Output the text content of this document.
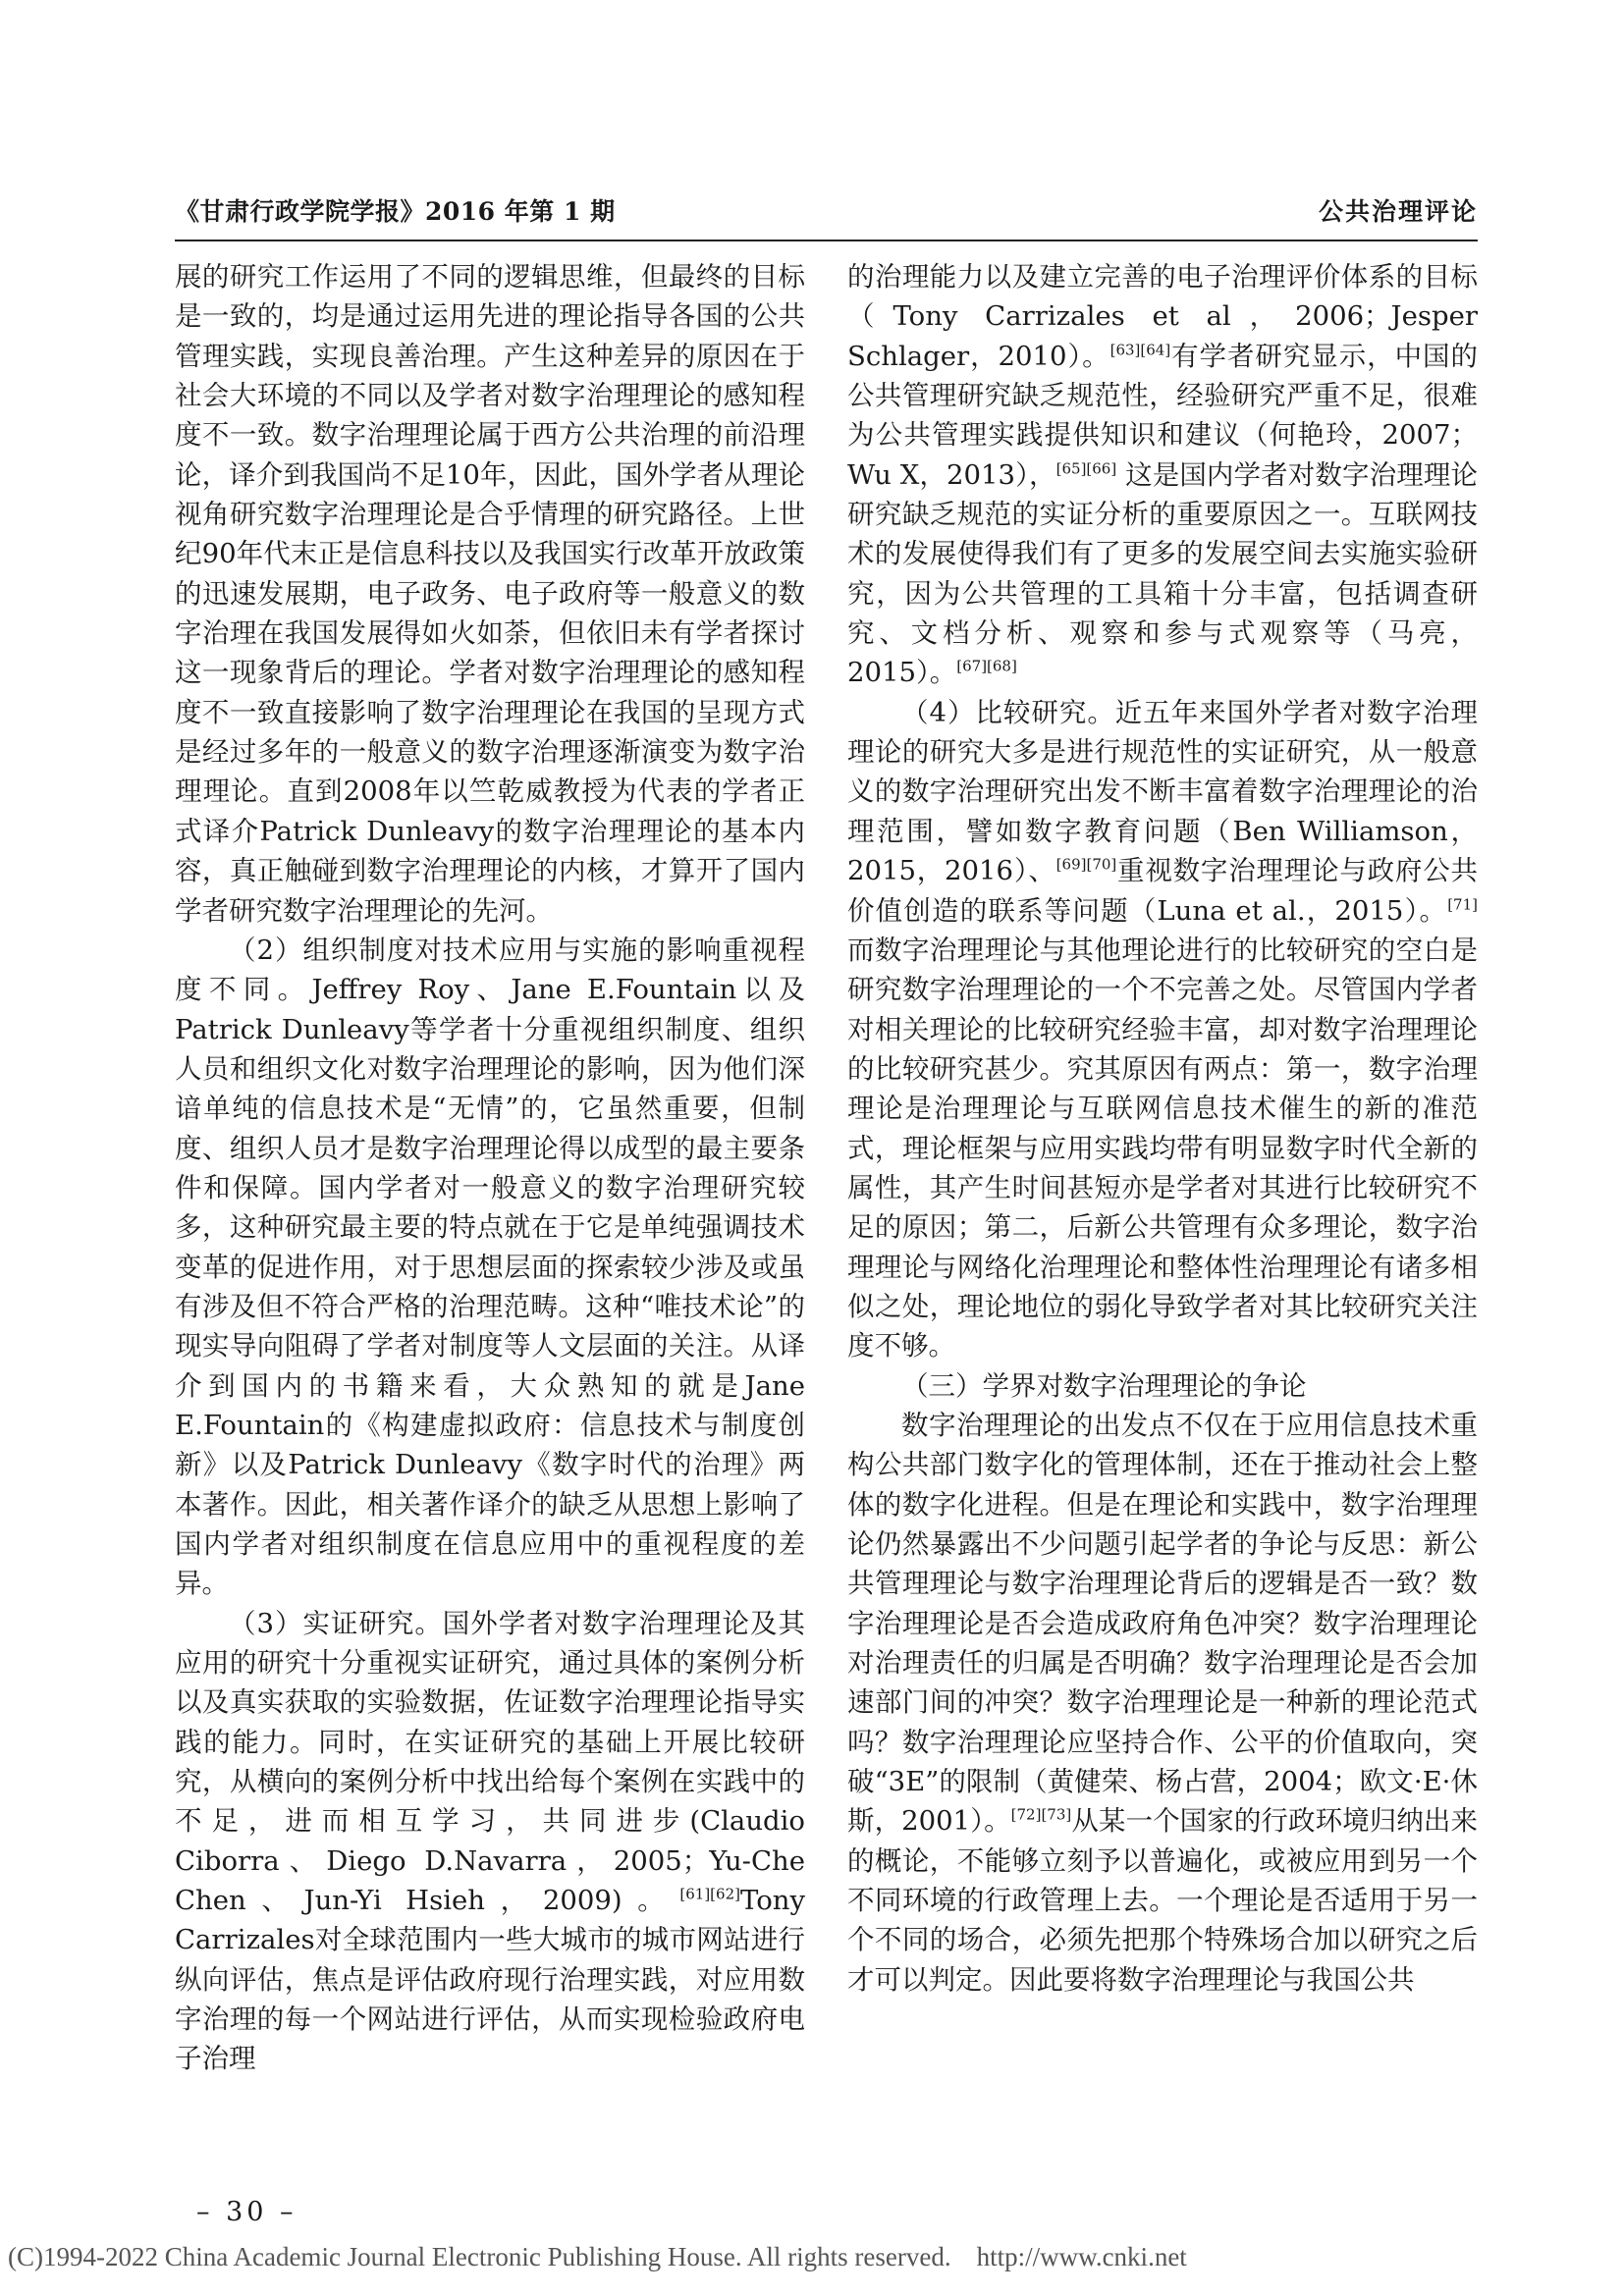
《甘肃行政学院学报》2016 年第 1 期	公共治理评论

展的研究工作运用了不同的逻辑思维，但最终的目标是一致的，均是通过运用先进的理论指导各国的公共管理实践，实现良善治理。产生这种差异的原因在于社会大环境的不同以及学者对数字治理理论的感知程度不一致。数字治理理论属于西方公共治理的前沿理论，译介到我国尚不足10年，因此，国外学者从理论视角研究数字治理理论是合乎情理的研究路径。上世纪90年代末正是信息科技以及我国实行改革开放政策的迅速发展期，电子政务、电子政府等一般意义的数字治理在我国发展得如火如荼，但依旧未有学者探讨这一现象背后的理论。学者对数字治理理论的感知程度不一致直接影响了数字治理理论在我国的呈现方式是经过多年的一般意义的数字治理逐渐演变为数字治理理论。直到2008年以竺乾威教授为代表的学者正式译介Patrick Dunleavy的数字治理理论的基本内容，真正触碰到数字治理理论的内核，才算开了国内学者研究数字治理理论的先河。

（2）组织制度对技术应用与实施的影响重视程度不同。Jeffrey Roy、Jane E.Fountain以及Patrick Dunleavy等学者十分重视组织制度、组织人员和组织文化对数字治理理论的影响，因为他们深谙单纯的信息技术是“无情”的，它虽然重要，但制度、组织人员才是数字治理理论得以成型的最主要条件和保障。国内学者对一般意义的数字治理研究较多，这种研究最主要的特点就在于它是单纯强调技术变革的促进作用，对于思想层面的探索较少涉及或虽有涉及但不符合严格的治理范畴。这种“唯技术论”的现实导向阻碍了学者对制度等人文层面的关注。从译介到国内的书籍来看，大众熟知的就是Jane E.Fountain的《构建虚拟政府：信息技术与制度创新》以及Patrick Dunleavy《数字时代的治理》两本著作。因此，相关著作译介的缺乏从思想上影响了国内学者对组织制度在信息应用中的重视程度的差异。

（3）实证研究。国外学者对数字治理理论及其应用的研究十分重视实证研究，通过具体的案例分析以及真实获取的实验数据，佐证数字治理理论指导实践的能力。同时，在实证研究的基础上开展比较研究，从横向的案例分析中找出给每个案例在实践中的不足，进而相互学习，共同进步(Claudio Ciborra、Diego D.Navarra，2005；Yu-Che Chen、Jun-Yi Hsieh，2009)。[61][62]Tony Carrizales对全球范围内一些大城市的城市网站进行纵向评估，焦点是评估政府现行治理实践，对应用数字治理的每一个网站进行评估，从而实现检验政府电子治理

的治理能力以及建立完善的电子治理评价体系的目标（Tony Carrizales et al，2006；Jesper Schlager，2010）。[63][64]有学者研究显示，中国的公共管理研究缺乏规范性，经验研究严重不足，很难为公共管理实践提供知识和建议（何艳玲，2007；Wu X，2013），[65][66] 这是国内学者对数字治理理论研究缺乏规范的实证分析的重要原因之一。互联网技术的发展使得我们有了更多的发展空间去实施实验研究，因为公共管理的工具箱十分丰富，包括调查研究、文档分析、观察和参与式观察等（马亮，2015）。[67][68]

（4）比较研究。近五年来国外学者对数字治理理论的研究大多是进行规范性的实证研究，从一般意义的数字治理研究出发不断丰富着数字治理理论的治理范围，譬如数字教育问题（Ben Williamson，2015，2016）、[69][70]重视数字治理理论与政府公共价值创造的联系等问题（Luna et al.，2015）。[71]而数字治理理论与其他理论进行的比较研究的空白是研究数字治理理论的一个不完善之处。尽管国内学者对相关理论的比较研究经验丰富，却对数字治理理论的比较研究甚少。究其原因有两点：第一，数字治理理论是治理理论与互联网信息技术催生的新的准范式，理论框架与应用实践均带有明显数字时代全新的属性，其产生时间甚短亦是学者对其进行比较研究不足的原因；第二，后新公共管理有众多理论，数字治理理论与网络化治理理论和整体性治理理论有诸多相似之处，理论地位的弱化导致学者对其比较研究关注度不够。

（三）学界对数字治理理论的争论

数字治理理论的出发点不仅在于应用信息技术重构公共部门数字化的管理体制，还在于推动社会上整体的数字化进程。但是在理论和实践中，数字治理理论仍然暴露出不少问题引起学者的争论与反思：新公共管理理论与数字治理理论背后的逻辑是否一致？数字治理理论是否会造成政府角色冲突？数字治理理论对治理责任的归属是否明确？数字治理理论是否会加速部门间的冲突？数字治理理论是一种新的理论范式吗？数字治理理论应坚持合作、公平的价值取向，突破“3E”的限制（黄健荣、杨占营，2004；欧文·E·休斯，2001）。[72][73]从某一个国家的行政环境归纳出来的概论，不能够立刻予以普遍化，或被应用到另一个不同环境的行政管理上去。一个理论是否适用于另一个不同的场合，必须先把那个特殊场合加以研究之后才可以判定。因此要将数字治理理论与我国公共

– 30 –
(C)1994-2022 China Academic Journal Electronic Publishing House. All rights reserved. http://www.cnki.net
